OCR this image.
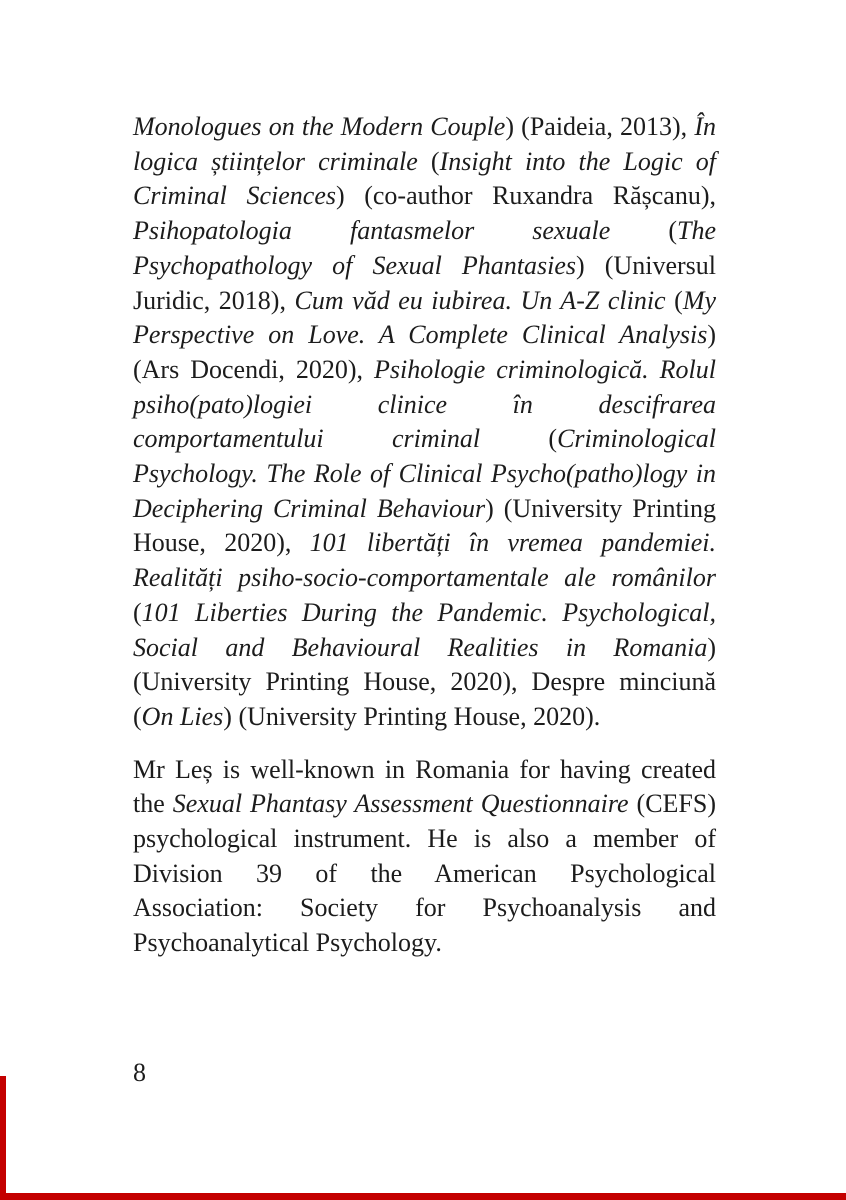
Monologues on the Modern Couple) (Paideia, 2013), În logica științelor criminale (Insight into the Logic of Criminal Sciences) (co-author Ruxandra Rășcanu), Psihopatologia fantasmelor sexuale (The Psychopathology of Sexual Phantasies) (Universul Juridic, 2018), Cum văd eu iubirea. Un A-Z clinic (My Perspective on Love. A Complete Clinical Analysis) (Ars Docendi, 2020), Psihologie criminologică. Rolul psiho(pato)logiei clinice în descifrarea comportamentului criminal (Criminological Psychology. The Role of Clinical Psycho(patho)logy in Deciphering Criminal Behaviour) (University Printing House, 2020), 101 libertăți în vremea pandemiei. Realități psiho-socio-comportamentale ale românilor (101 Liberties During the Pandemic. Psychological, Social and Behavioural Realities in Romania) (University Printing House, 2020), Despre minciună (On Lies) (University Printing House, 2020).

Mr Leș is well-known in Romania for having created the Sexual Phantasy Assessment Questionnaire (CEFS) psychological instrument. He is also a member of Division 39 of the American Psychological Association: Society for Psychoanalysis and Psychoanalytical Psychology.

8
